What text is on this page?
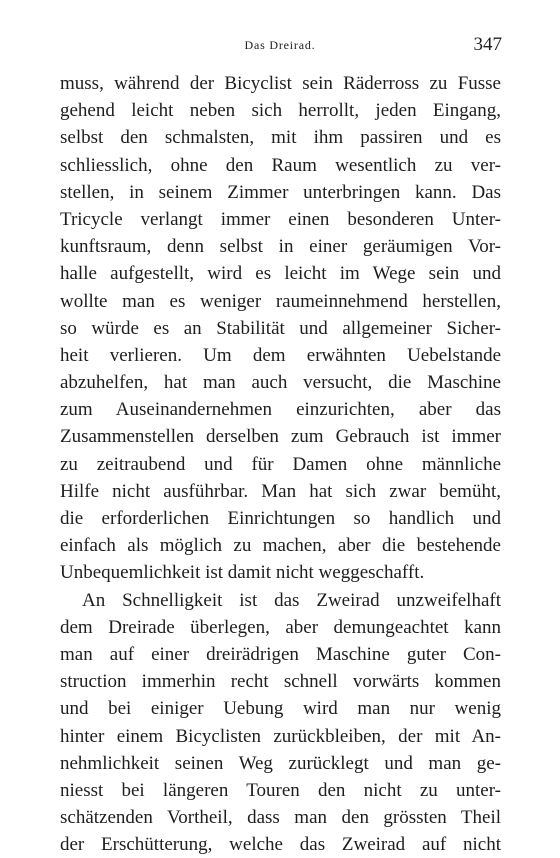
Das Dreirad.	347
muss, während der Bicyclist sein Räderross zu Fusse
gehend leicht neben sich herrollt, jeden Eingang,
selbst den schmalsten, mit ihm passiren und es
schliesslich, ohne den Raum wesentlich zu ver-
stellen, in seinem Zimmer unterbringen kann. Das
Tricycle verlangt immer einen besonderen Unter-
kunftsraum, denn selbst in einer geräumigen Vor-
halle aufgestellt, wird es leicht im Wege sein und
wollte man es weniger raumeinnehmend herstellen,
so würde es an Stabilität und allgemeiner Sicher-
heit verlieren. Um dem erwähnten Uebelstande
abzuhelfen, hat man auch versucht, die Maschine
zum Auseinandernehmen einzurichten, aber das
Zusammenstellen derselben zum Gebrauch ist immer
zu zeitraubend und für Damen ohne männliche
Hilfe nicht ausführbar. Man hat sich zwar bemüht,
die erforderlichen Einrichtungen so handlich und
einfach als möglich zu machen, aber die bestehende
Unbequemlichkeit ist damit nicht weggeschafft.
An Schnelligkeit ist das Zweirad unzweifelhaft
dem Dreirade überlegen, aber demungeachtet kann
man auf einer dreirädrigen Maschine guter Con-
struction immerhin recht schnell vorwärts kommen
und bei einiger Uebung wird man nur wenig
hinter einem Bicyclisten zurückbleiben, der mit An-
nehmlichkeit seinen Weg zurücklegt und man ge-
niesst bei längeren Touren den nicht zu unter-
schätzenden Vortheil, dass man den grössten Theil
der Erschütterung, welche das Zweirad auf nicht
